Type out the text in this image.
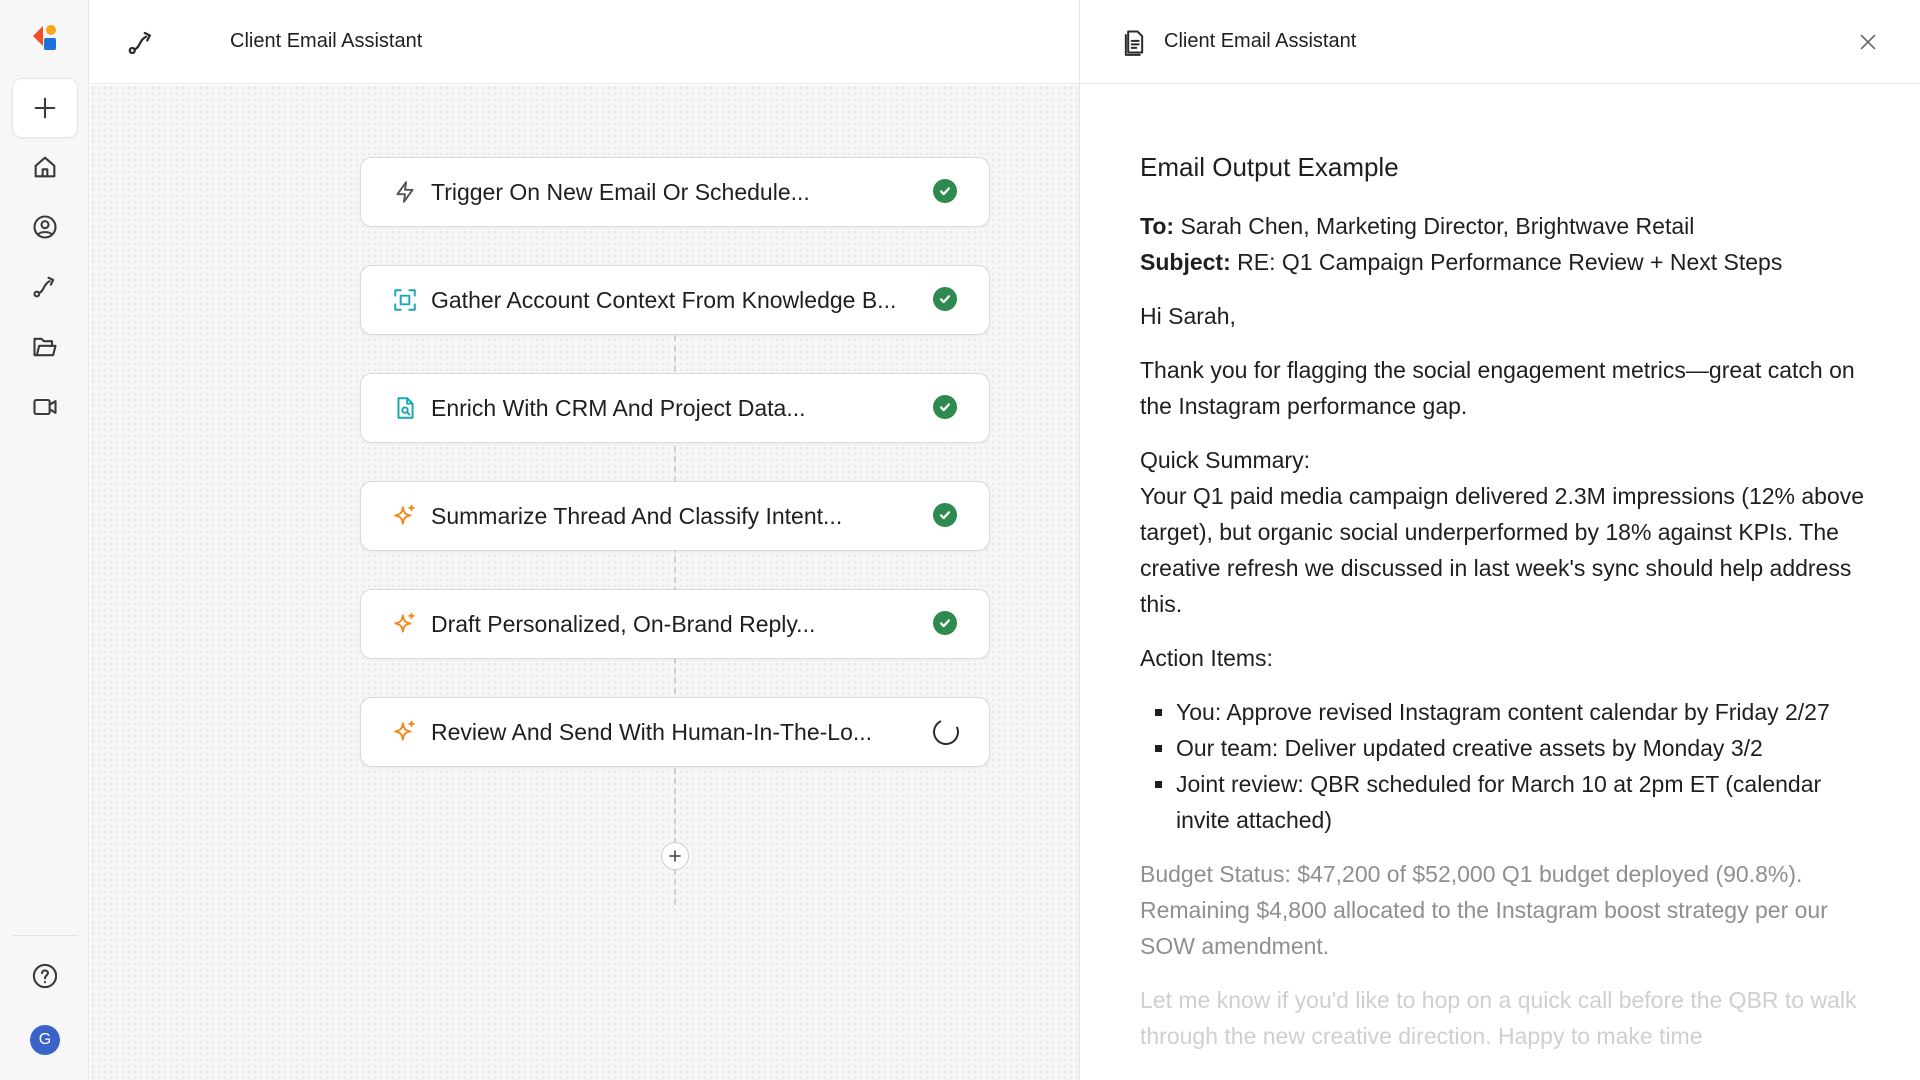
G
Client Email Assistant
Trigger On New Email Or Schedule...
Gather Account Context From Knowledge B...
Enrich With CRM And Project Data...
Summarize Thread And Classify Intent...
Draft Personalized, On-Brand Reply...
Review And Send With Human-In-The-Lo...
Client Email Assistant
Email Output Example

To: Sarah Chen, Marketing Director, Brightwave Retail
Subject: RE: Q1 Campaign Performance Review + Next Steps

Hi Sarah,

Thank you for flagging the social engagement metrics—great catch on the Instagram performance gap.

Quick Summary:
Your Q1 paid media campaign delivered 2.3M impressions (12% above target), but organic social underperformed by 18% against KPIs. The creative refresh we discussed in last week's sync should help address this.

Action Items:

▪ You: Approve revised Instagram content calendar by Friday 2/27
▪ Our team: Deliver updated creative assets by Monday 3/2
▪ Joint review: QBR scheduled for March 10 at 2pm ET (calendar invite attached)

Budget Status: $47,200 of $52,000 Q1 budget deployed (90.8%). Remaining $4,800 allocated to the Instagram boost strategy per our SOW amendment.

Let me know if you'd like to hop on a quick call before the QBR to walk through the new creative direction. Happy to make time
